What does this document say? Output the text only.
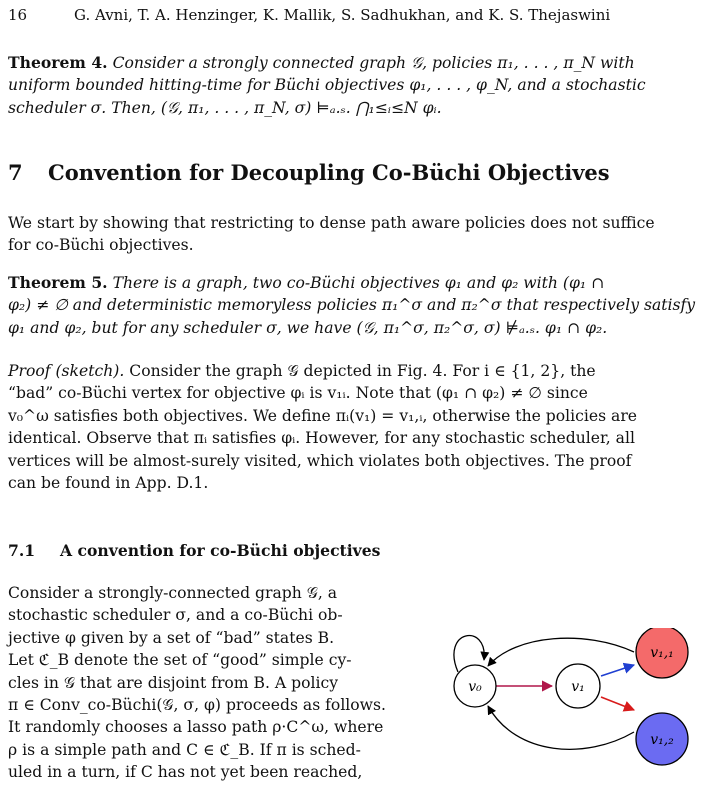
16	G. Avni, T. A. Henzinger, K. Mallik, S. Sadhukhan, and K. S. Thejaswini
Theorem 4. Consider a strongly connected graph 𝒢, policies π₁, . . . , π_N with
uniform bounded hitting-time for Büchi objectives φ₁, . . . , φ_N, and a stochastic
scheduler σ. Then, (𝒢, π₁, . . . , π_N, σ) ⊨ₐ.ₛ. ⋂₁≤ᵢ≤N φᵢ.
7 Convention for Decoupling Co-Büchi Objectives
We start by showing that restricting to dense path aware policies does not suffice
for co-Büchi objectives.
Theorem 5. There is a graph, two co-Büchi objectives φ₁ and φ₂ with (φ₁ ∩
φ₂) ≠ ∅ and deterministic memoryless policies π₁^σ and π₂^σ that respectively satisfy
φ₁ and φ₂, but for any scheduler σ, we have (𝒢, π₁^σ, π₂^σ, σ) ⊭ₐ.ₛ. φ₁ ∩ φ₂.
Proof (sketch). Consider the graph 𝒢 depicted in Fig. 4. For i ∈ {1, 2}, the
“bad” co-Büchi vertex for objective φᵢ is v₁ᵢ. Note that (φ₁ ∩ φ₂) ≠ ∅ since
v₀^ω satisfies both objectives. We define πᵢ(v₁) = v₁,ᵢ, otherwise the policies are
identical. Observe that πᵢ satisfies φᵢ. However, for any stochastic scheduler, all
vertices will be almost-surely visited, which violates both objectives. The proof
can be found in App. D.1.
7.1 A convention for co-Büchi objectives
Consider a strongly-connected graph 𝒢, a
stochastic scheduler σ, and a co-Büchi ob-
jective φ given by a set of “bad” states B.
Let ℭ_B denote the set of “good” simple cy-
cles in 𝒢 that are disjoint from B. A policy
π ∈ Conv_co-Büchi(𝒢, σ, φ) proceeds as follows.
It randomly chooses a lasso path ρ·C^ω, where
ρ is a simple path and C ∈ ℭ_B. If π is sched-
uled in a turn, if C has not yet been reached,
v₀	v₁
v₁,₁
v₁,₂
